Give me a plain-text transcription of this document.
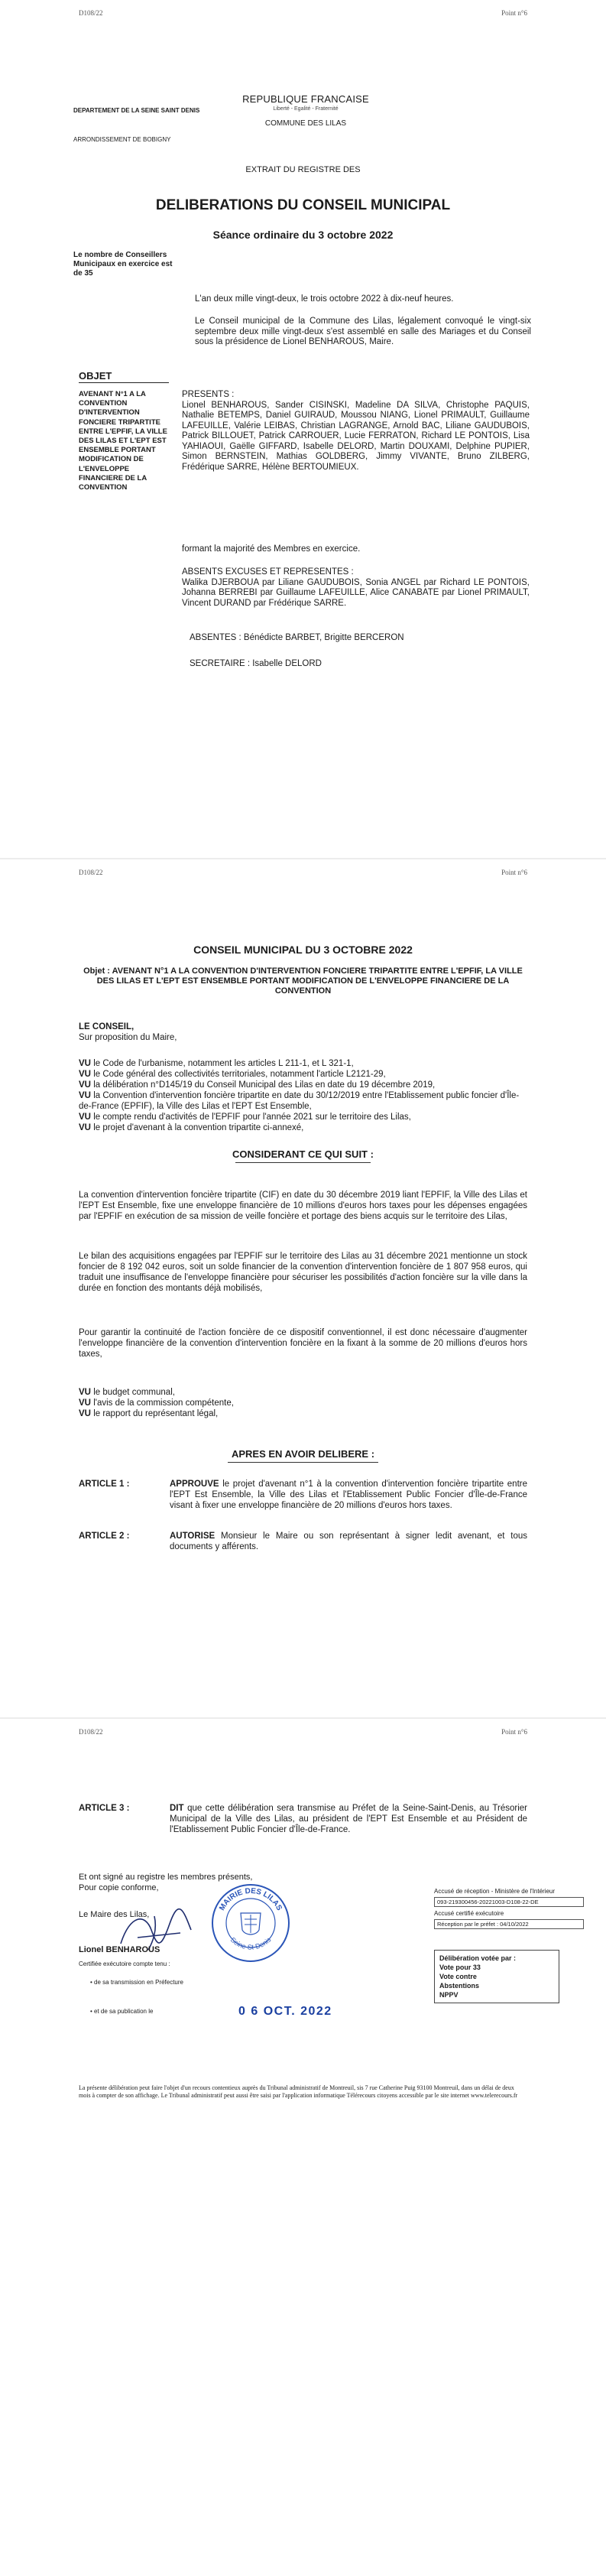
D108/22	Point n°6
DEPARTEMENT DE LA SEINE SAINT DENIS
ARRONDISSEMENT DE BOBIGNY
REPUBLIQUE FRANCAISE
Liberté - Egalité - Fraternité
COMMUNE DES LILAS
EXTRAIT DU REGISTRE DES
DELIBERATIONS DU CONSEIL MUNICIPAL
Séance ordinaire du 3 octobre 2022
Le nombre de Conseillers Municipaux en exercice est de 35
L'an deux mille vingt-deux, le trois octobre 2022 à dix-neuf heures.
Le Conseil municipal de la Commune des Lilas, légalement convoqué le vingt-six septembre deux mille vingt-deux s'est assemblé en salle des Mariages et du Conseil sous la présidence de Lionel BENHAROUS, Maire.
OBJET
AVENANT N°1 A LA CONVENTION D'INTERVENTION FONCIERE TRIPARTITE ENTRE L'EPFIF, LA VILLE DES LILAS ET L'EPT EST ENSEMBLE PORTANT MODIFICATION DE L'ENVELOPPE FINANCIERE DE LA CONVENTION
PRESENTS :
Lionel BENHAROUS, Sander CISINSKI, Madeline DA SILVA, Christophe PAQUIS, Nathalie BETEMPS, Daniel GUIRAUD, Moussou NIANG, Lionel PRIMAULT, Guillaume LAFEUILLE, Valérie LEIBAS, Christian LAGRANGE, Arnold BAC, Liliane GAUDUBOIS, Patrick BILLOUET, Patrick CARROUER, Lucie FERRATON, Richard LE PONTOIS, Lisa YAHIAOUI, Gaëlle GIFFARD, Isabelle DELORD, Martin DOUXAMI, Delphine PUPIER, Simon BERNSTEIN, Mathias GOLDBERG, Jimmy VIVANTE, Bruno ZILBERG, Frédérique SARRE, Hélène BERTOUMIEUX.
formant la majorité des Membres en exercice.
ABSENTS EXCUSES ET REPRESENTES :
Walika DJERBOUA par Liliane GAUDUBOIS, Sonia ANGEL par Richard LE PONTOIS, Johanna BERREBI par Guillaume LAFEUILLE, Alice CANABATE par Lionel PRIMAULT, Vincent DURAND par Frédérique SARRE.
ABSENTES : Bénédicte BARBET, Brigitte BERCERON
SECRETAIRE : Isabelle DELORD
D108/22	Point n°6
CONSEIL MUNICIPAL DU 3 OCTOBRE 2022
Objet : AVENANT N°1 A LA CONVENTION D'INTERVENTION FONCIERE TRIPARTITE ENTRE L'EPFIF, LA VILLE DES LILAS ET L'EPT EST ENSEMBLE PORTANT MODIFICATION DE L'ENVELOPPE FINANCIERE DE LA CONVENTION
LE CONSEIL,
Sur proposition du Maire,
VU le Code de l'urbanisme, notamment les articles L 211-1, et L 321-1,
VU le Code général des collectivités territoriales, notamment l'article L2121-29,
VU la délibération n°D145/19 du Conseil Municipal des Lilas en date du 19 décembre 2019,
VU la Convention d'intervention foncière tripartite en date du 30/12/2019 entre l'Etablissement public foncier d'Île-de-France (EPFIF), la Ville des Lilas et l'EPT Est Ensemble,
VU le compte rendu d'activités de l'EPFIF pour l'année 2021 sur le territoire des Lilas,
VU le projet d'avenant à la convention tripartite ci-annexé,
CONSIDERANT CE QUI SUIT :
La convention d'intervention foncière tripartite (CIF) en date du 30 décembre 2019 liant l'EPFIF, la Ville des Lilas et l'EPT Est Ensemble, fixe une enveloppe financière de 10 millions d'euros hors taxes pour les dépenses engagées par l'EPFIF en exécution de sa mission de veille foncière et portage des biens acquis sur le territoire des Lilas,
Le bilan des acquisitions engagées par l'EPFIF sur le territoire des Lilas au 31 décembre 2021 mentionne un stock foncier de 8 192 042 euros, soit un solde financier de la convention d'intervention foncière de 1 807 958 euros, qui traduit une insuffisance de l'enveloppe financière pour sécuriser les possibilités d'action foncière sur la ville dans la durée en fonction des montants déjà mobilisés,
Pour garantir la continuité de l'action foncière de ce dispositif conventionnel, il est donc nécessaire d'augmenter l'enveloppe financière de la convention d'intervention foncière en la fixant à la somme de 20 millions d'euros hors taxes,
VU le budget communal,
VU l'avis de la commission compétente,
VU le rapport du représentant légal,
APRES EN AVOIR DELIBERE :
ARTICLE 1 :	APPROUVE le projet d'avenant n°1 à la convention d'intervention foncière tripartite entre l'EPT Est Ensemble, la Ville des Lilas et l'Etablissement Public Foncier d'Île-de-France visant à fixer une enveloppe financière de 20 millions d'euros hors taxes.
ARTICLE 2 :	AUTORISE Monsieur le Maire ou son représentant à signer ledit avenant, et tous documents y afférents.
D108/22	Point n°6
ARTICLE 3 :	DIT que cette délibération sera transmise au Préfet de la Seine-Saint-Denis, au Trésorier Municipal de la Ville des Lilas, au président de l'EPT Est Ensemble et au Président de l'Etablissement Public Foncier d'Île-de-France.
Et ont signé au registre les membres présents,
Pour copie conforme,
Le Maire des Lilas,
Lionel BENHAROUS
Certifiée exécutoire compte tenu :
• de sa transmission en Préfecture
• et de sa publication le	0 6 OCT. 2022
MAIRIE DES LILAS
Seine-St-Denis
Accusé de réception - Ministère de l'Intérieur
093-219300456-20221003-D108-22-DE
Accusé certifié exécutoire
Réception par le préfet : 04/10/2022
Délibération votée par :
Vote pour 33
Vote contre
Abstentions
NPPV
La présente délibération peut faire l'objet d'un recours contentieux auprès du Tribunal administratif de Montreuil, sis 7 rue Catherine Puig 93100 Montreuil, dans un délai de deux mois à compter de son affichage. Le Tribunal administratif peut aussi être saisi par l'application informatique Télérecours citoyens accessible par le site internet www.telerecours.fr
